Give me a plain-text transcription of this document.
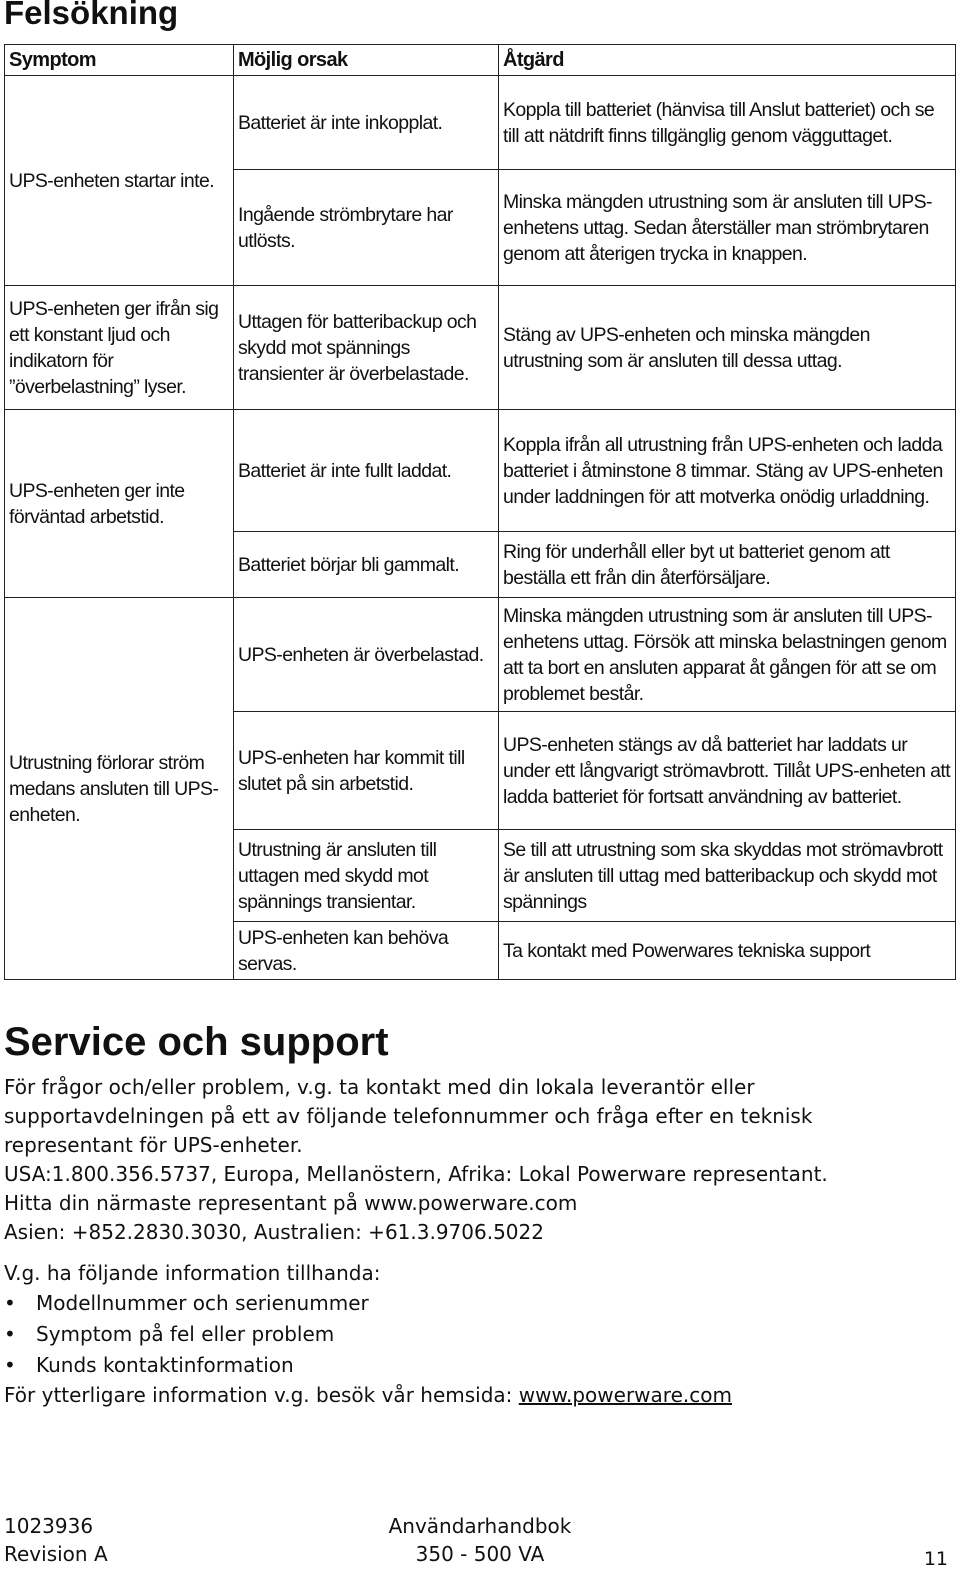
Felsökning
Symptom	Möjlig orsak	Åtgärd
UPS-enheten startar inte.	Batteriet är inte inkopplat.	Koppla till batteriet (hänvisa till Anslut batteriet) och se till att nätdrift finns tillgänglig genom vägguttaget.
	Ingående strömbrytare har utlösts.	Minska mängden utrustning som är ansluten till UPS-enhetens uttag. Sedan återställer man strömbrytaren genom att återigen trycka in knappen.
UPS-enheten ger ifrån sig ett konstant ljud och indikatorn för ”överbelastning” lyser.	Uttagen för batteribackup och skydd mot spännings transienter är överbelastade.	Stäng av UPS-enheten och minska mängden utrustning som är ansluten till dessa uttag.
UPS-enheten ger inte förväntad arbetstid.	Batteriet är inte fullt laddat.	Koppla ifrån all utrustning från UPS-enheten och ladda batteriet i åtminstone 8 timmar. Stäng av UPS-enheten under laddningen för att motverka onödig urladdning.
	Batteriet börjar bli gammalt.	Ring för underhåll eller byt ut batteriet genom att beställa ett från din återförsäljare.
Utrustning förlorar ström medans ansluten till UPS-enheten.	UPS-enheten är överbelastad.	Minska mängden utrustning som är ansluten till UPS-enhetens uttag. Försök att minska belastningen genom att ta bort en ansluten apparat åt gången för att se om problemet består.
	UPS-enheten har kommit till slutet på sin arbetstid.	UPS-enheten stängs av då batteriet har laddats ur under ett långvarigt strömavbrott. Tillåt UPS-enheten att ladda batteriet för fortsatt användning av batteriet.
	Utrustning är ansluten till uttagen med skydd mot spännings transientar.	Se till att utrustning som ska skyddas mot strömavbrott är ansluten till uttag med batteribackup och skydd mot spännings
	UPS-enheten kan behöva servas.	Ta kontakt med Powerwares tekniska support
Service och support

För frågor och/eller problem, v.g. ta kontakt med din lokala leverantör eller supportavdelningen på ett av följande telefonnummer och fråga efter en teknisk representant för UPS-enheter.

USA:1.800.356.5737, Europa, Mellanöstern, Afrika: Lokal Powerware representant.

Hitta din närmaste representant på www.powerware.com

Asien: +852.2830.3030, Australien: +61.3.9706.5022

V.g. ha följande information tillhanda:

• Modellnummer och serienummer
• Symptom på fel eller problem
• Kunds kontaktinformation

För ytterligare information v.g. besök vår hemsida: www.powerware.com

1023936
Revision A
Användarhandbok
350 - 500 VA	11
